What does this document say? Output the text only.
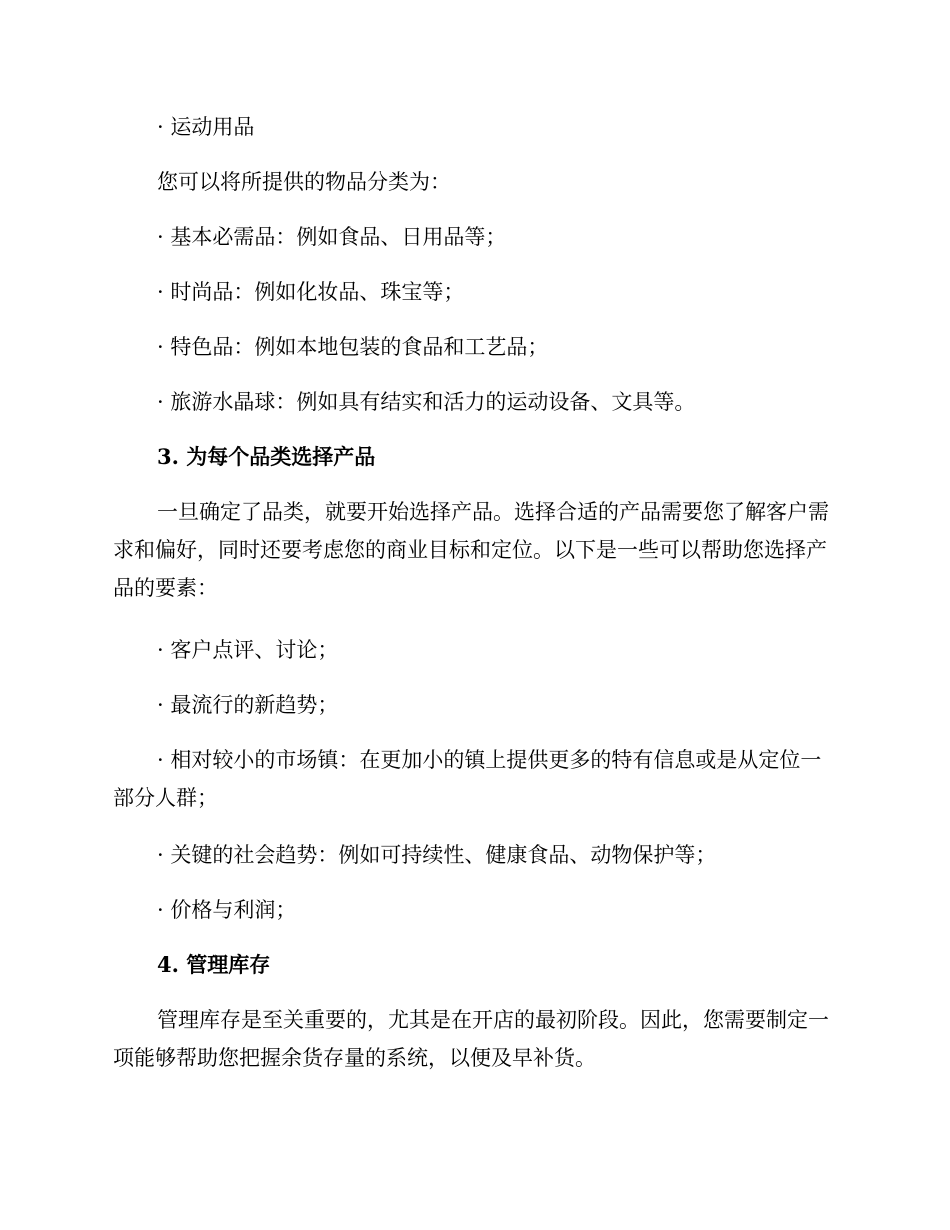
· 运动用品
您可以将所提供的物品分类为：
· 基本必需品：例如食品、日用品等；
· 时尚品：例如化妆品、珠宝等；
· 特色品：例如本地包装的食品和工艺品；
· 旅游水晶球：例如具有结实和活力的运动设备、文具等。
3. 为每个品类选择产品

一旦确定了品类，就要开始选择产品。选择合适的产品需要您了解客户需求和偏好，同时还要考虑您的商业目标和定位。以下是一些可以帮助您选择产品的要素：

· 客户点评、讨论；
· 最流行的新趋势；

· 相对较小的市场镇：在更加小的镇上提供更多的特有信息或是从定位一部分人群；

· 关键的社会趋势：例如可持续性、健康食品、动物保护等；
· 价格与利润；
4. 管理库存

管理库存是至关重要的，尤其是在开店的最初阶段。因此，您需要制定一项能够帮助您把握余货存量的系统，以便及早补货。
